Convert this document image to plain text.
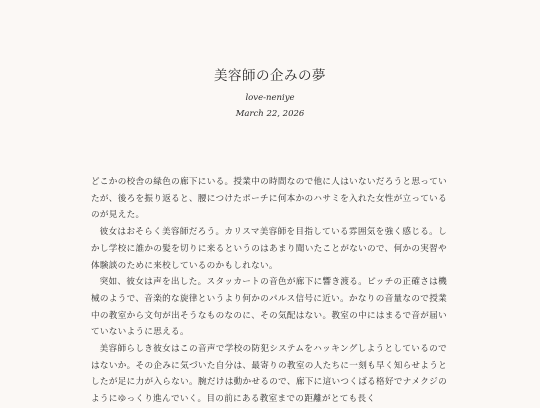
美容師の企みの夢
love-neniye
March 22, 2026

どこかの校舎の緑色の廊下にいる。授業中の時間なので他に人はいないだろうと思っていたが、後ろを振り返ると、腰につけたポーチに何本かのハサミを入れた女性が立っているのが見えた。

彼女はおそらく美容師だろう。カリスマ美容師を目指している雰囲気を強く感じる。しかし学校に誰かの髪を切りに来るというのはあまり聞いたことがないので、何かの実習や体験談のために来校しているのかもしれない。

突如、彼女は声を出した。スタッカートの音色が廊下に響き渡る。ピッチの正確さは機械のようで、音楽的な旋律というより何かのパルス信号に近い。かなりの音量なので授業中の教室から文句が出そうなものなのに、その気配はない。教室の中にはまるで音が届いていないように思える。

美容師らしき彼女はこの音声で学校の防犯システムをハッキングしようとしているのではないか。その企みに気づいた自分は、最寄りの教室の人たちに一刻も早く知らせようとしたが足に力が入らない。腕だけは動かせるので、廊下に這いつくばる格好でナメクジのようにゆっくり進んでいく。目の前にある教室までの距離がとても長く
